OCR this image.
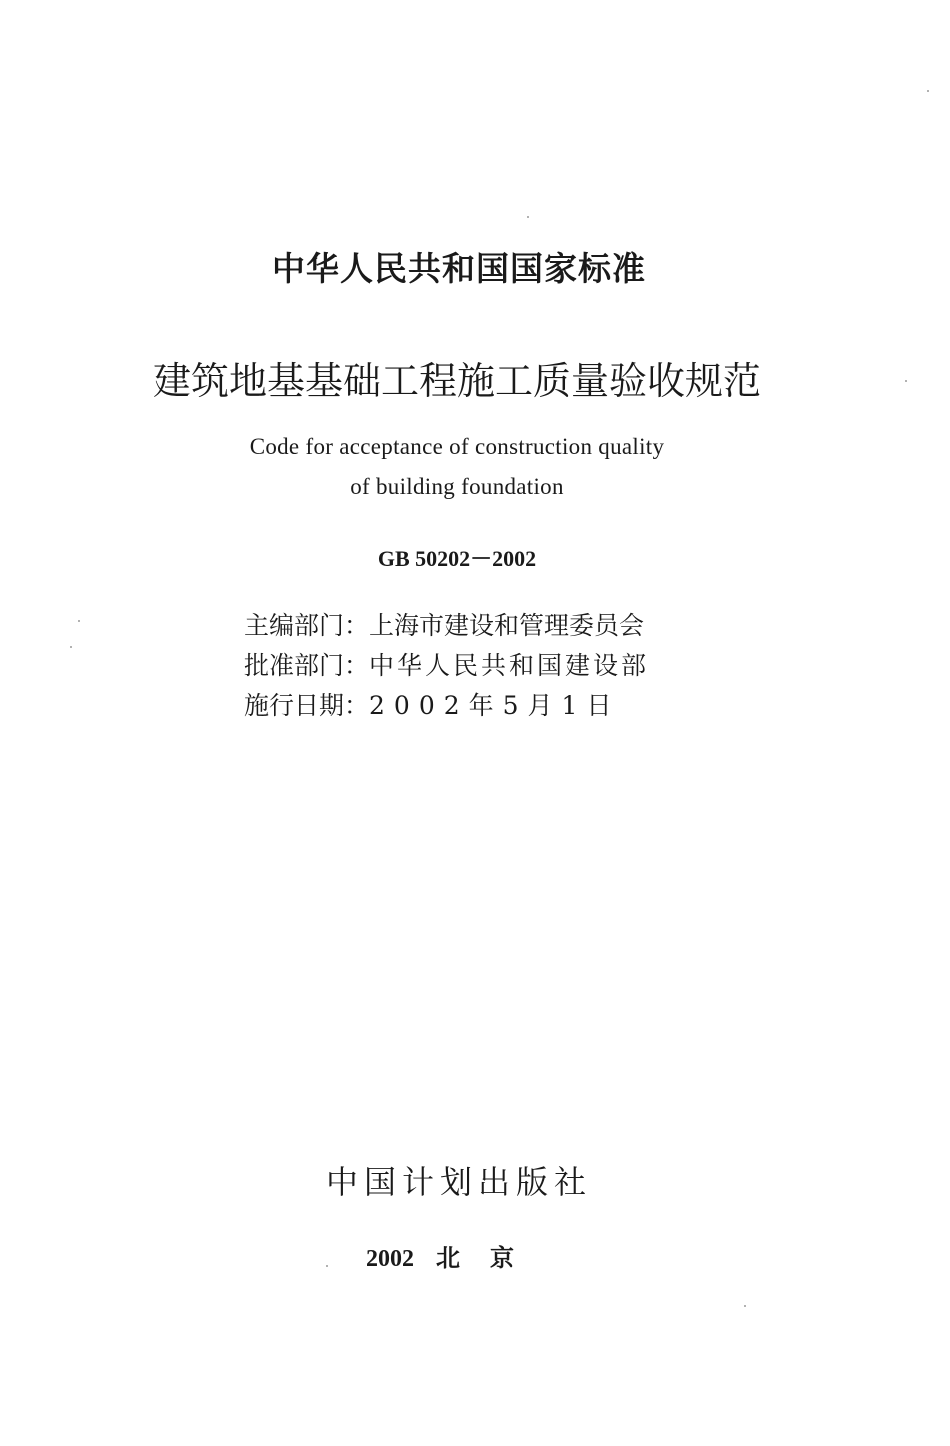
中华人民共和国国家标准
建筑地基基础工程施工质量验收规范
Code for acceptance of construction quality
of building foundation
GB 50202－2002
主编部门：上海市建设和管理委员会
批准部门：中华人民共和国建设部
施行日期：2002年5月1日
中国计划出版社
2002 北京
